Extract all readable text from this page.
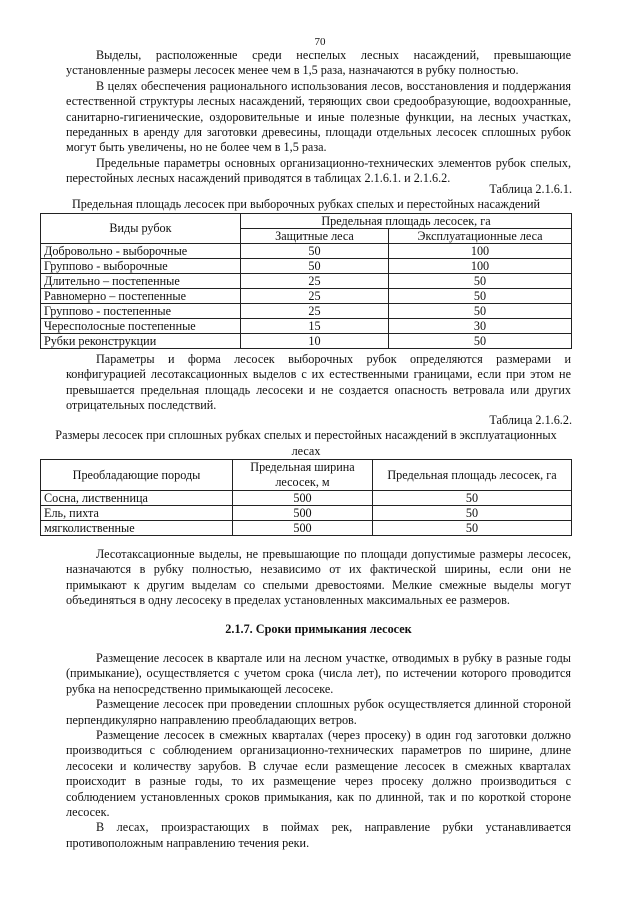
70

Выделы, расположенные среди неспелых лесных насаждений, превышающие установленные размеры лесосек менее чем в 1,5 раза, назначаются в рубку полностью.

В целях обеспечения рационального использования лесов, восстановления и поддержания естественной структуры лесных насаждений, теряющих свои средообразующие, водоохранные, санитарно-гигиенические, оздоровительные и иные полезные функции, на лесных участках, переданных в аренду для заготовки древесины, площади отдельных лесосек сплошных рубок могут быть увеличены, но не более чем в 1,5 раза.

Предельные параметры основных организационно-технических элементов рубок спелых, перестойных лесных насаждений приводятся в таблицах 2.1.6.1. и 2.1.6.2.

Таблица 2.1.6.1.

Предельная площадь лесосек при выборочных рубках спелых и перестойных насаждений

Виды рубок	Предельная площадь лесосек, га	
	Защитные леса	Эксплуатационные леса
Добровольно - выборочные	50	100
Группово - выборочные	50	100
Длительно – постепенные	25	50
Равномерно – постепенные	25	50
Группово - постепенные	25	50
Чересполосные постепенные	15	30
Рубки реконструкции	10	50

Параметры и форма лесосек выборочных рубок определяются размерами и конфигурацией лесотаксационных выделов с их естественными границами, если при этом не превышается предельная площадь лесосеки и не создается опасность ветровала или других отрицательных последствий.

Таблица 2.1.6.2.

Размеры лесосек при сплошных рубках спелых и перестойных насаждений в эксплуатационных лесах

Преобладающие породы	Предельная ширина лесосек, м	Предельная площадь лесосек, га
Сосна, лиственница	500	50
Ель, пихта	500	50
мягколиственные	500	50

Лесотаксационные выделы, не превышающие по площади допустимые размеры лесосек, назначаются в рубку полностью, независимо от их фактической ширины, если они не примыкают к другим выделам со спелыми древостоями. Мелкие смежные выделы могут объединяться в одну лесосеку в пределах установленных максимальных ее размеров.

2.1.7. Сроки примыкания лесосек

Размещение лесосек в квартале или на лесном участке, отводимых в рубку в разные годы (примыкание), осуществляется с учетом срока (числа лет), по истечении которого проводится рубка на непосредственно примыкающей лесосеке.

Размещение лесосек при проведении сплошных рубок осуществляется длинной стороной перпендикулярно направлению преобладающих ветров.

Размещение лесосек в смежных кварталах (через просеку) в один год заготовки должно производиться с соблюдением организационно-технических параметров по ширине, длине лесосеки и количеству зарубов. В случае если размещение лесосек в смежных кварталах происходит в разные годы, то их размещение через просеку должно производиться с соблюдением установленных сроков примыкания, как по длинной, так и по короткой стороне лесосек.

В лесах, произрастающих в поймах рек, направление рубки устанавливается противоположным направлению течения реки.
